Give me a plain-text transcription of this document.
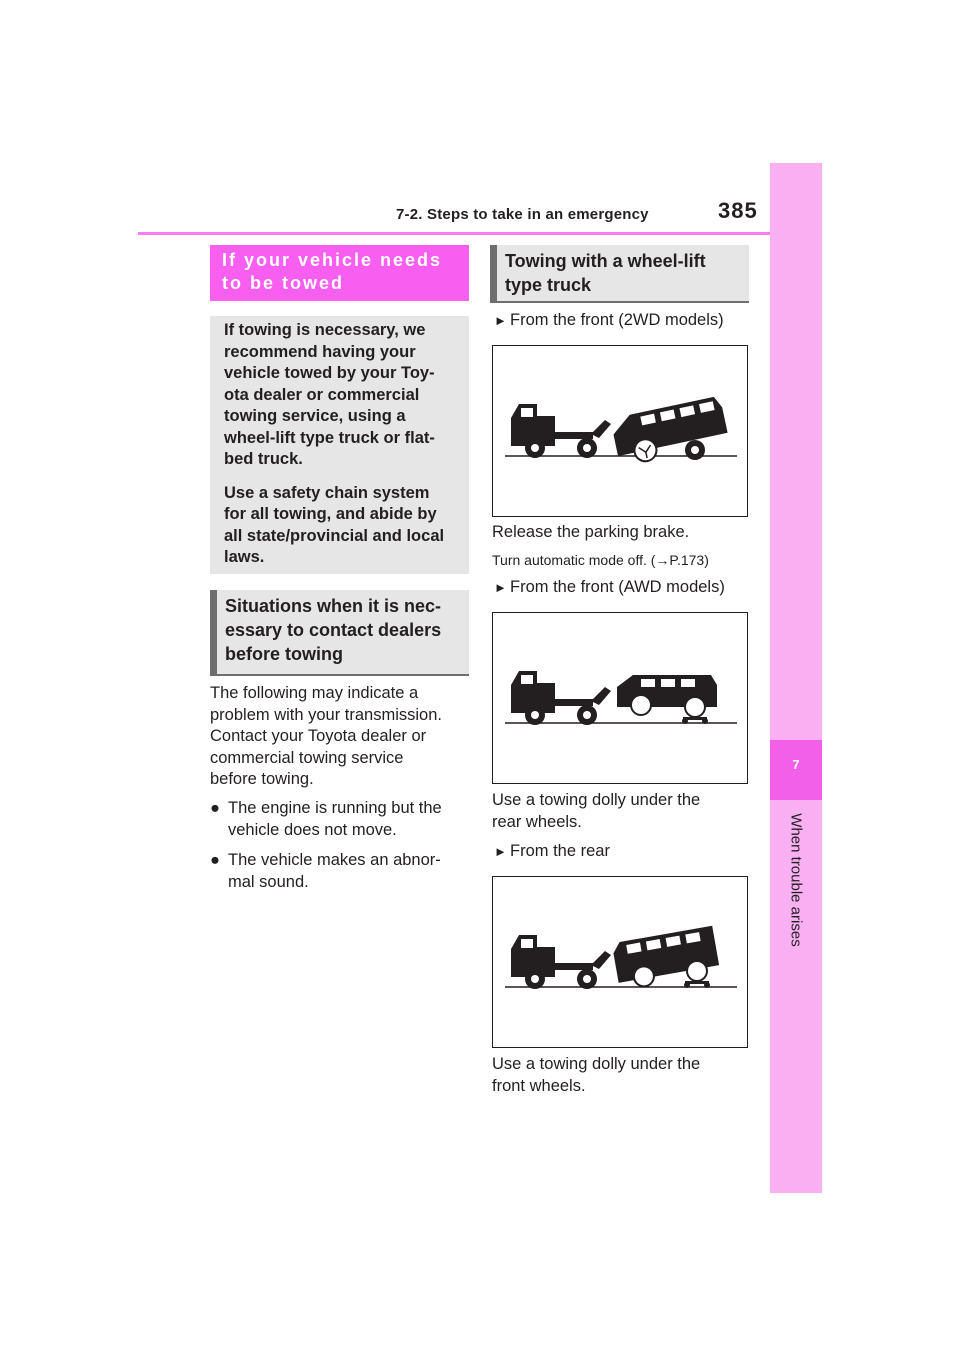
7-2. Steps to take in an emergency	385
7
When trouble arises
If your vehicle needs
to be towed
If towing is necessary, we
recommend having your
vehicle towed by your Toy-
ota dealer or commercial
towing service, using a
wheel-lift type truck or flat-
bed truck.
Use a safety chain system
for all towing, and abide by
all state/provincial and local
laws.
Situations when it is nec-
essary to contact dealers
before towing
The following may indicate a
problem with your transmission.
Contact your Toyota dealer or
commercial towing service
before towing.
● The engine is running but the
vehicle does not move.
● The vehicle makes an abnor-
mal sound.
Towing with a wheel-lift
type truck
► From the front (2WD models)
Release the parking brake.
Turn automatic mode off. (→P.173)
► From the front (AWD models)
Use a towing dolly under the
rear wheels.
► From the rear
Use a towing dolly under the
front wheels.
